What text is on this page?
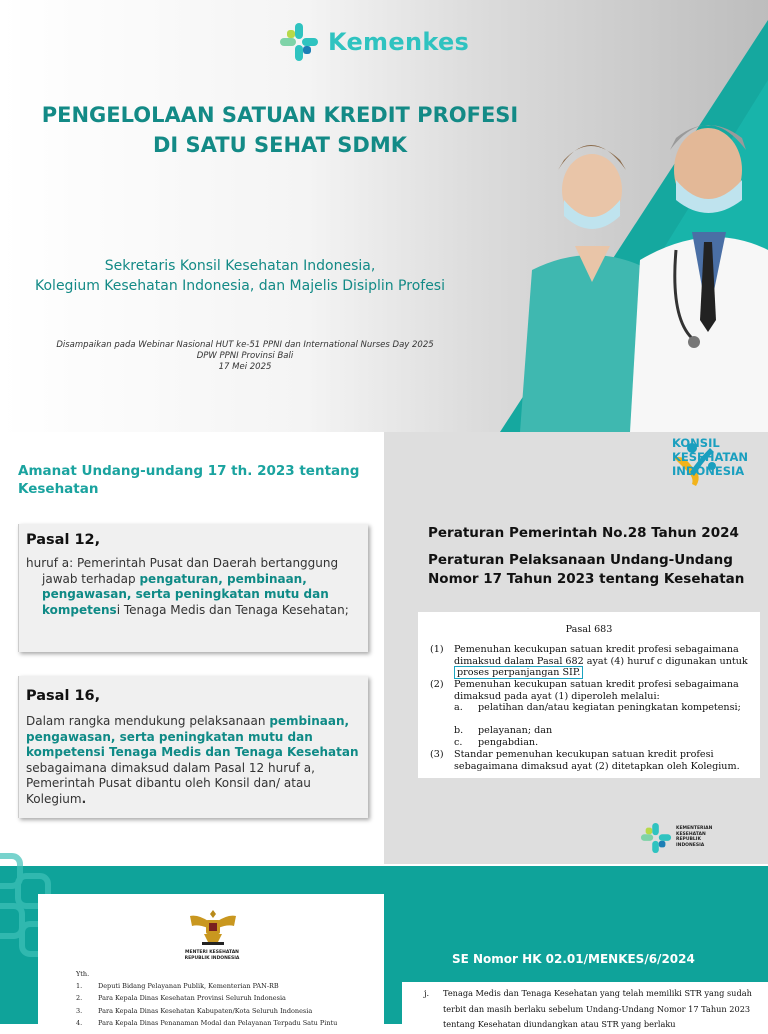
Kemenkes
PENGELOLAAN SATUAN KREDIT PROFESI
DI SATU SEHAT SDMK
Sekretaris Konsil Kesehatan Indonesia,
Kolegium Kesehatan Indonesia, dan Majelis Disiplin Profesi
Disampaikan pada Webinar Nasional HUT ke-51 PPNI dan International Nurses Day 2025
DPW PPNI Provinsi Bali
17 Mei 2025
Amanat Undang-undang 17 th. 2023 tentang Kesehatan
Pasal 12,

huruf a: Pemerintah Pusat dan Daerah bertanggung
jawab terhadap pengaturan, pembinaan, pengawasan, serta peningkatan mutu dan kompetensi Tenaga Medis dan Tenaga Kesehatan;

Pasal 16,

Dalam rangka mendukung pelaksanaan pembinaan, pengawasan, serta peningkatan mutu dan kompetensi Tenaga Medis dan Tenaga Kesehatan sebagaimana dimaksud dalam Pasal 12 huruf a, Pemerintah Pusat dibantu oleh Konsil dan/ atau Kolegium.

KONSIL
KESEHATAN
INDONESIA
Peraturan Pemerintah No.28 Tahun 2024
Peraturan Pelaksanaan Undang-Undang
Nomor 17 Tahun 2023 tentang Kesehatan
Pasal 683
(1)	Pemenuhan kecukupan satuan kredit profesi sebagaimana dimaksud dalam Pasal 682 ayat (4) huruf c digunakan untuk proses perpanjangan SIP.
(2)	Pemenuhan kecukupan satuan kredit profesi sebagaimana dimaksud pada ayat (1) diperoleh melalui:
a.	pelatihan dan/atau kegiatan peningkatan kompetensi;
b.	pelayanan; dan
c.	pengabdian.
(3)	Standar pemenuhan kecukupan satuan kredit profesi sebagaimana dimaksud ayat (2) ditetapkan oleh Kolegium.
KEMENTERIAN
KESEHATAN
REPUBLIK
INDONESIA
MENTERI KESEHATAN
REPUBLIK INDONESIA
Yth.
1.	Deputi Bidang Pelayanan Publik, Kementerian PAN-RB
2.	Para Kepala Dinas Kesehatan Provinsi Seluruh Indonesia
3.	Para Kepala Dinas Kesehatan Kabupaten/Kota Seluruh Indonesia
4.	Para Kepala Dinas Penanaman Modal dan Pelayanan Terpadu Satu Pintu
SE Nomor HK 02.01/MENKES/6/2024
j. Tenaga Medis dan Tenaga Kesehatan yang telah memiliki STR yang sudah terbit dan masih berlaku sebelum Undang-Undang Nomor 17 Tahun 2023 tentang Kesehatan diundangkan atau STR yang berlaku
